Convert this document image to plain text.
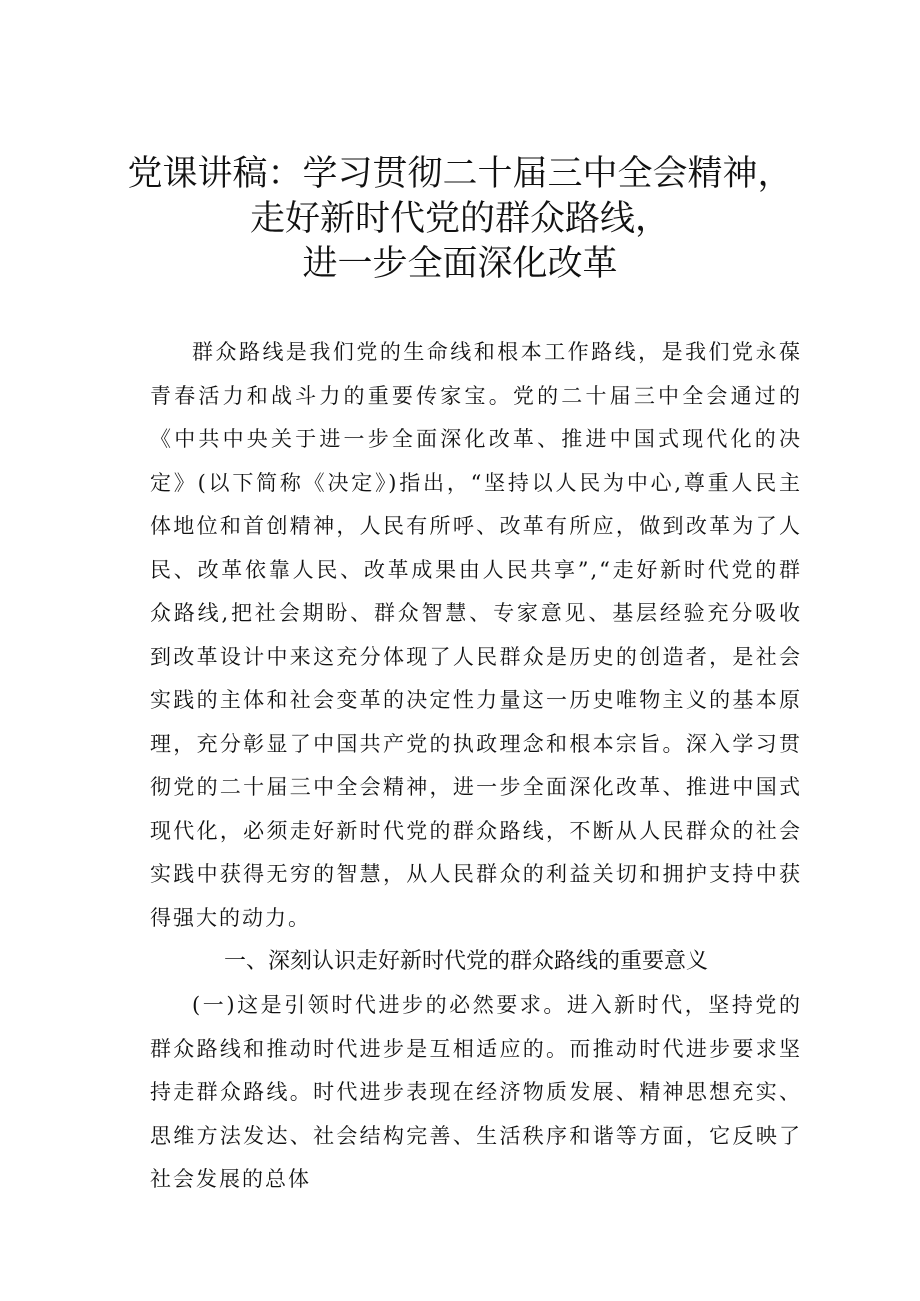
党课讲稿：学习贯彻二十届三中全会精神，
走好新时代党的群众路线，
进一步全面深化改革

群众路线是我们党的生命线和根本工作路线，是我们党永葆青春活力和战斗力的重要传家宝。党的二十届三中全会通过的《中共中央关于进一步全面深化改革、推进中国式现代化的决定》(以下简称《决定》)指出，“坚持以人民为中心,尊重人民主体地位和首创精神，人民有所呼、改革有所应，做到改革为了人民、改革依靠人民、改革成果由人民共享”,“走好新时代党的群众路线,把社会期盼、群众智慧、专家意见、基层经验充分吸收到改革设计中来这充分体现了人民群众是历史的创造者，是社会实践的主体和社会变革的决定性力量这一历史唯物主义的基本原理，充分彰显了中国共产党的执政理念和根本宗旨。深入学习贯彻党的二十届三中全会精神，进一步全面深化改革、推进中国式现代化，必须走好新时代党的群众路线，不断从人民群众的社会实践中获得无穷的智慧，从人民群众的利益关切和拥护支持中获得强大的动力。

一、深刻认识走好新时代党的群众路线的重要意义

(一)这是引领时代进步的必然要求。进入新时代，坚持党的群众路线和推动时代进步是互相适应的。而推动时代进步要求坚持走群众路线。时代进步表现在经济物质发展、精神思想充实、思维方法发达、社会结构完善、生活秩序和谐等方面，它反映了社会发展的总体
